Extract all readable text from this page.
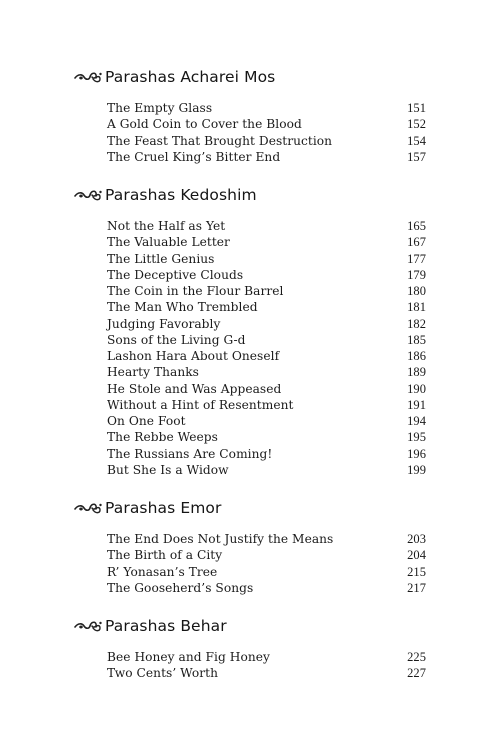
Parashas Acharei Mos
The Empty Glass	151
A Gold Coin to Cover the Blood	152
The Feast That Brought Destruction	154
The Cruel King’s Bitter End	157
Parashas Kedoshim
Not the Half as Yet	165
The Valuable Letter	167
The Little Genius	177
The Deceptive Clouds	179
The Coin in the Flour Barrel	180
The Man Who Trembled	181
Judging Favorably	182
Sons of the Living G-d	185
Lashon Hara About Oneself	186
Hearty Thanks	189
He Stole and Was Appeased	190
Without a Hint of Resentment	191
On One Foot	194
The Rebbe Weeps	195
The Russians Are Coming!	196
But She Is a Widow	199
Parashas Emor
The End Does Not Justify the Means	203
The Birth of a City	204
R’ Yonasan’s Tree	215
The Gooseherd’s Songs	217
Parashas Behar
Bee Honey and Fig Honey	225
Two Cents’ Worth	227
